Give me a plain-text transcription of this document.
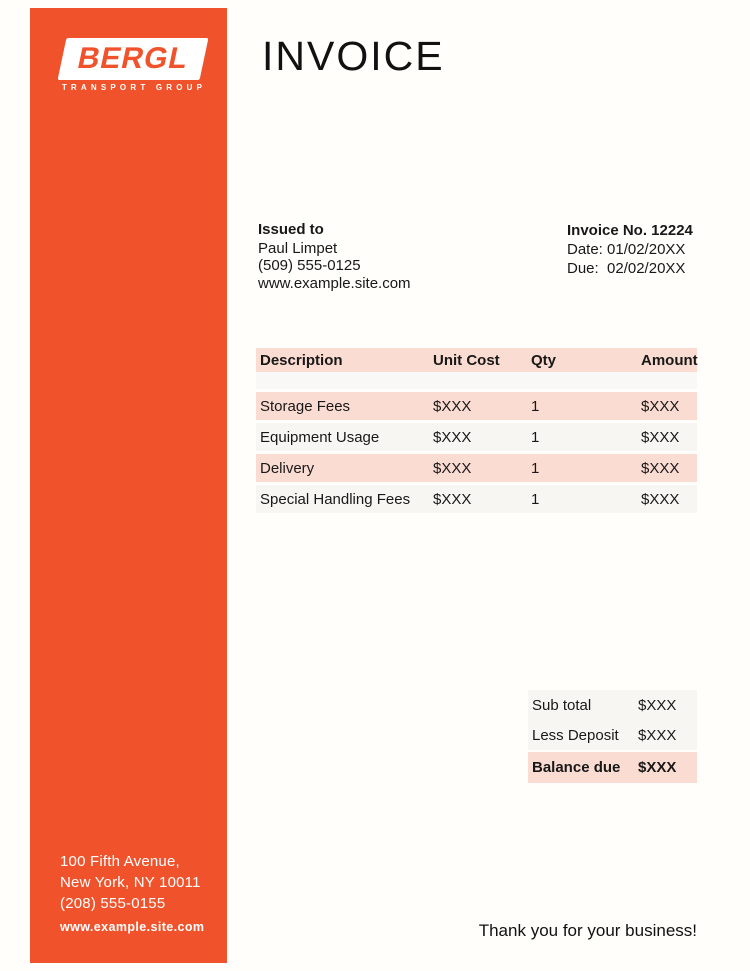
BERGL
TRANSPORT GROUP
100 Fifth Avenue,
New York, NY 10011
(208) 555-0155
www.example.site.com
INVOICE
Issued to
Paul Limpet
(509) 555-0125
www.example.site.com
Invoice No. 12224
Date: 01/02/20XX
Due:  02/02/20XX
Description	Unit Cost	Qty	Amount
Storage Fees	$XXX	1	$XXX
Equipment Usage	$XXX	1	$XXX
Delivery	$XXX	1	$XXX
Special Handling Fees	$XXX	1	$XXX
Sub total	$XXX
Less Deposit	$XXX
Balance due	$XXX
Thank you for your business!
